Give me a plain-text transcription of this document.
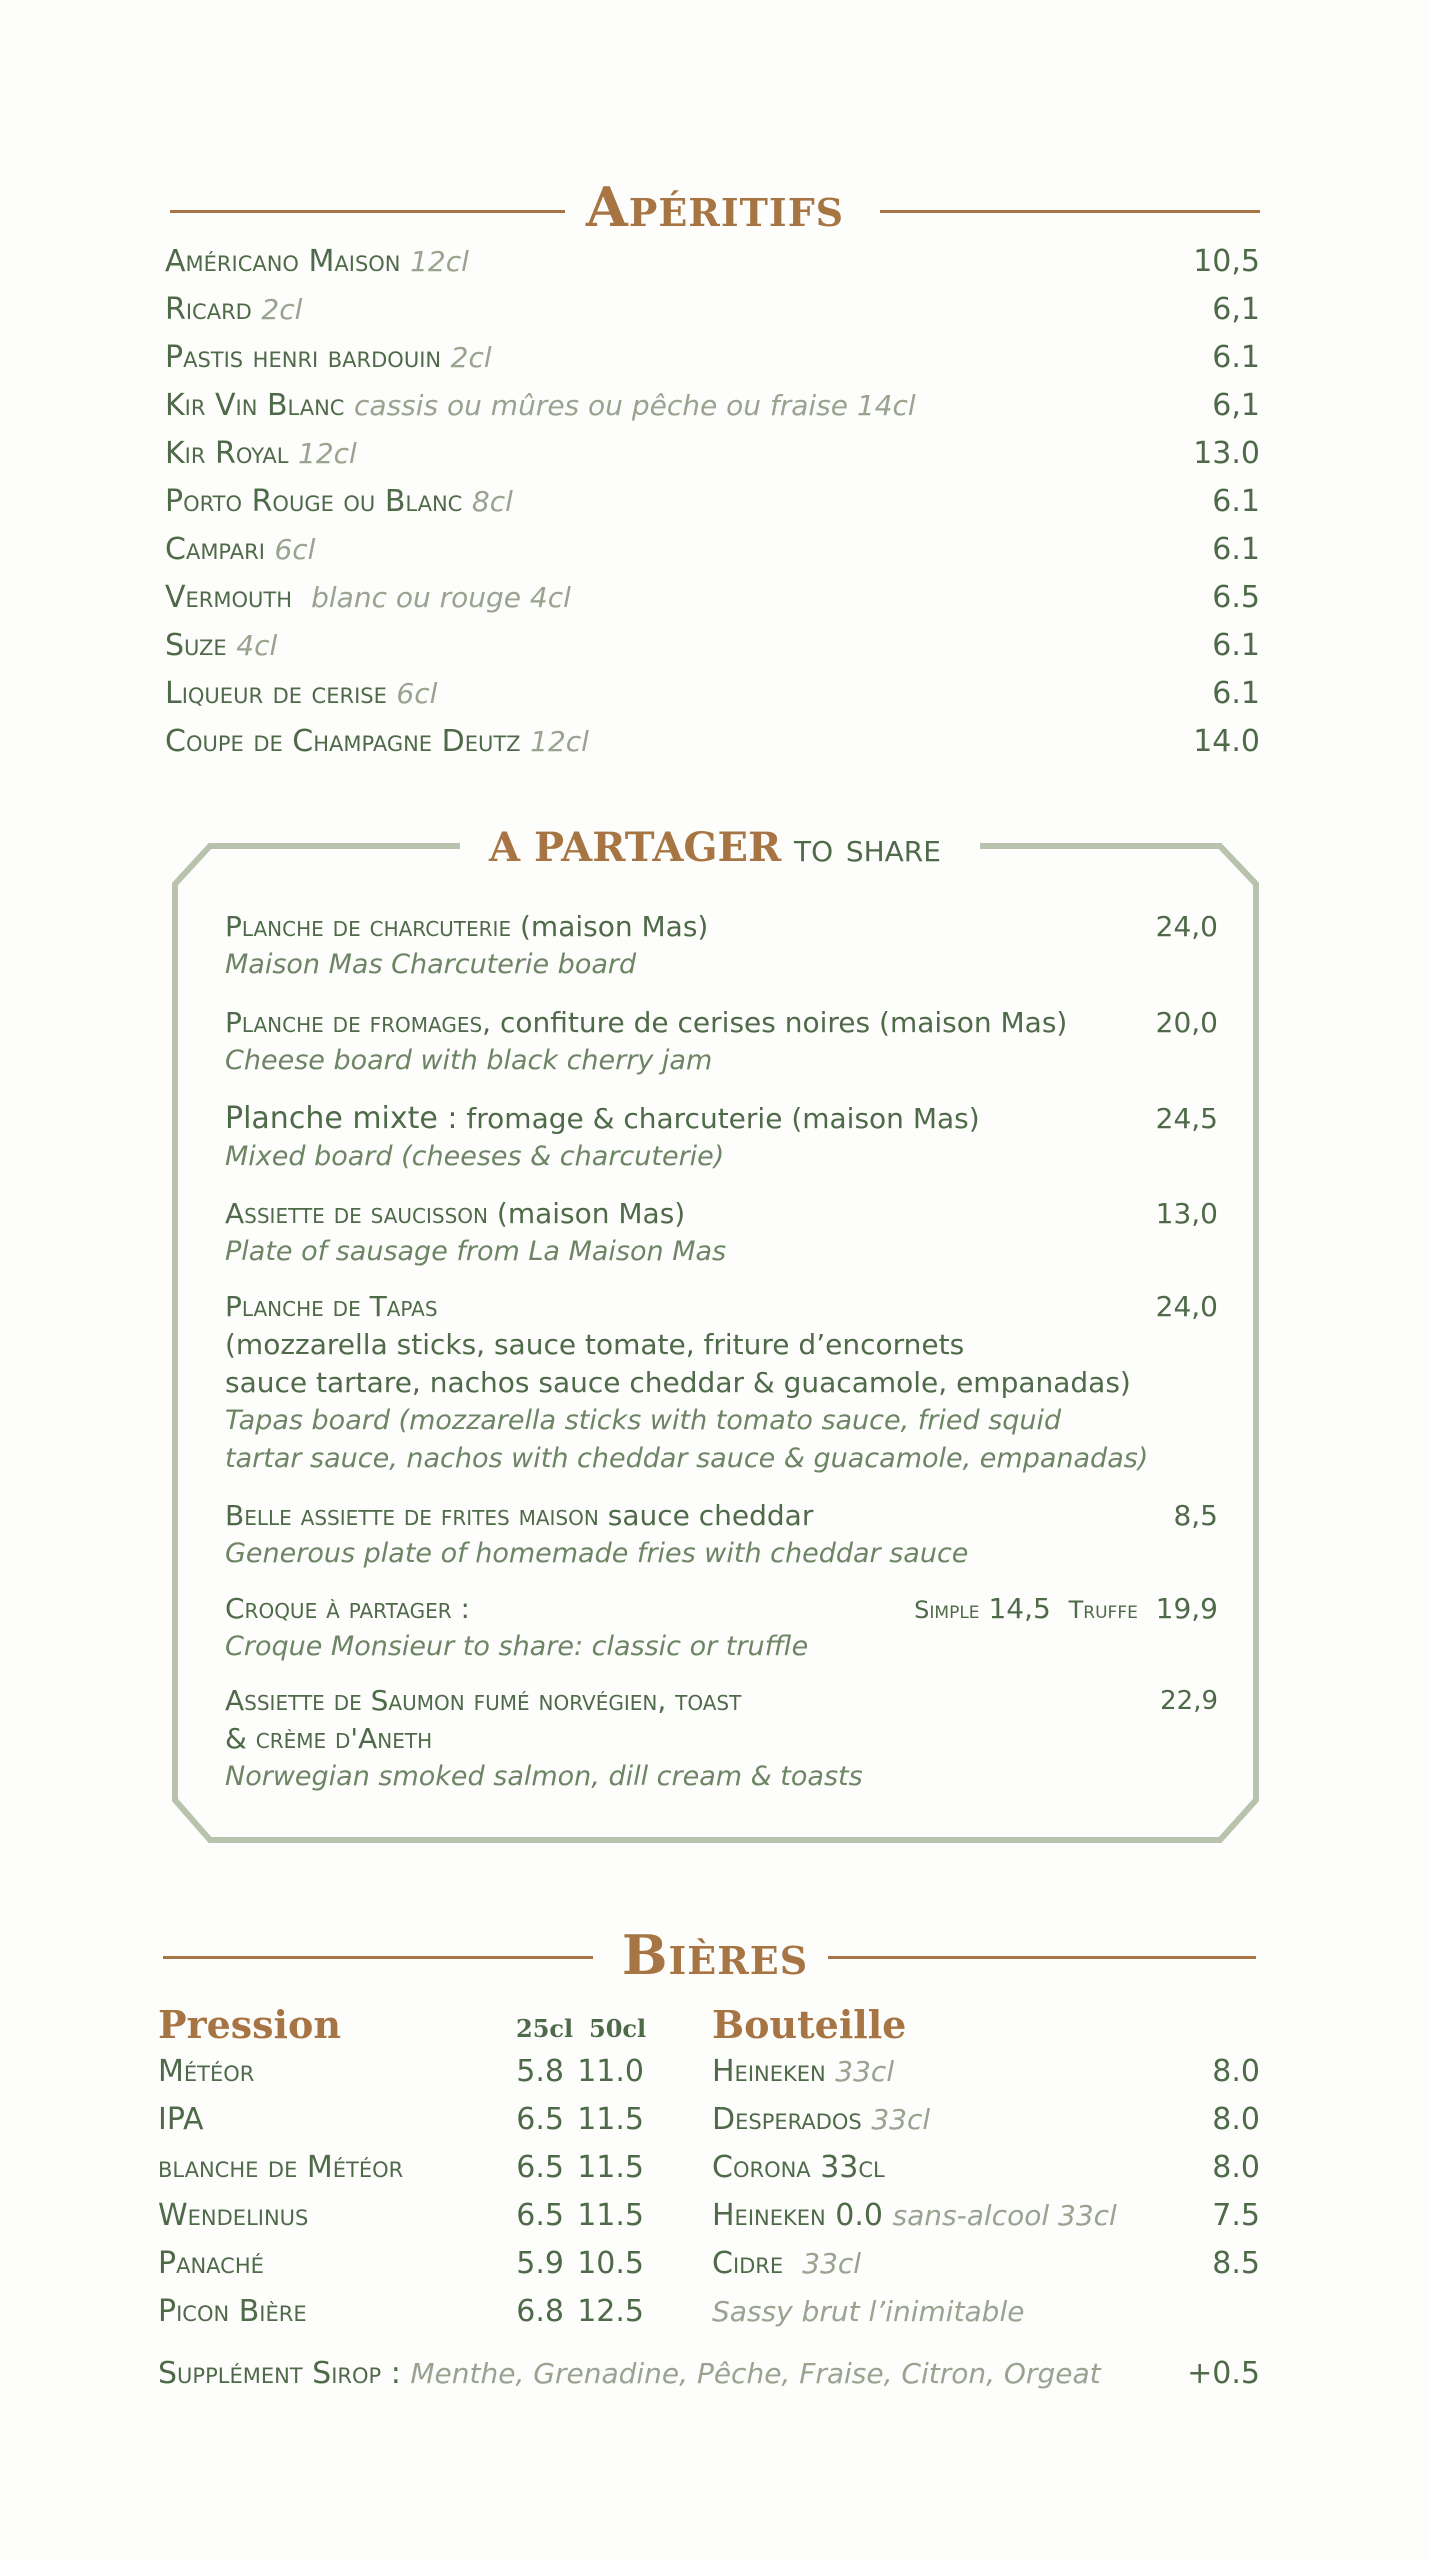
Apéritifs
Américano Maison 12cl	10,5
Ricard 2cl	6,1
Pastis henri bardouin 2cl	6.1
Kir Vin Blanc cassis ou mûres ou pêche ou fraise 14cl	6,1
Kir Royal 12cl	13.0
Porto Rouge ou Blanc 8cl	6.1
Campari 6cl	6.1
Vermouth blanc ou rouge 4cl	6.5
Suze 4cl	6.1
Liqueur de cerise 6cl	6.1
Coupe de Champagne Deutz 12cl	14.0
A PARTAGER to share
Planche de charcuterie (maison Mas)	24,0
Maison Mas Charcuterie board
Planche de fromages, confiture de cerises noires (maison Mas)	20,0
Cheese board with black cherry jam
Planche mixte : fromage & charcuterie (maison Mas)	24,5
Mixed board (cheeses & charcuterie)
Assiette de saucisson (maison Mas)	13,0
Plate of sausage from La Maison Mas
Planche de Tapas	24,0
(mozzarella sticks, sauce tomate, friture d’encornets
sauce tartare, nachos sauce cheddar & guacamole, empanadas)
Tapas board (mozzarella sticks with tomato sauce, fried squid
tartar sauce, nachos with cheddar sauce & guacamole, empanadas)
Belle assiette de frites maison sauce cheddar	8,5
Generous plate of homemade fries with cheddar sauce
Croque à partager :	Simple 14,5 Truffe 19,9
Croque Monsieur to share: classic or truffle
Assiette de Saumon fumé norvégien, toast	22,9
& crème d'Aneth
Norwegian smoked salmon, dill cream & toasts
Bières
Pression	25cl 50cl Bouteille
Météor	5.8 11.0
IPA	6.5 11.5
blanche de Météor	6.5 11.5
Wendelinus	6.5 11.5
Panaché	5.9 10.5
Picon Bière	6.8 12.5
Heineken 33cl	8.0
Desperados 33cl	8.0
Corona 33cl	8.0
Heineken 0.0 sans-alcool 33cl	7.5
Cidre 33cl	8.5
Sassy brut l’inimitable
Supplément Sirop : Menthe, Grenadine, Pêche, Fraise, Citron, Orgeat	+0.5
